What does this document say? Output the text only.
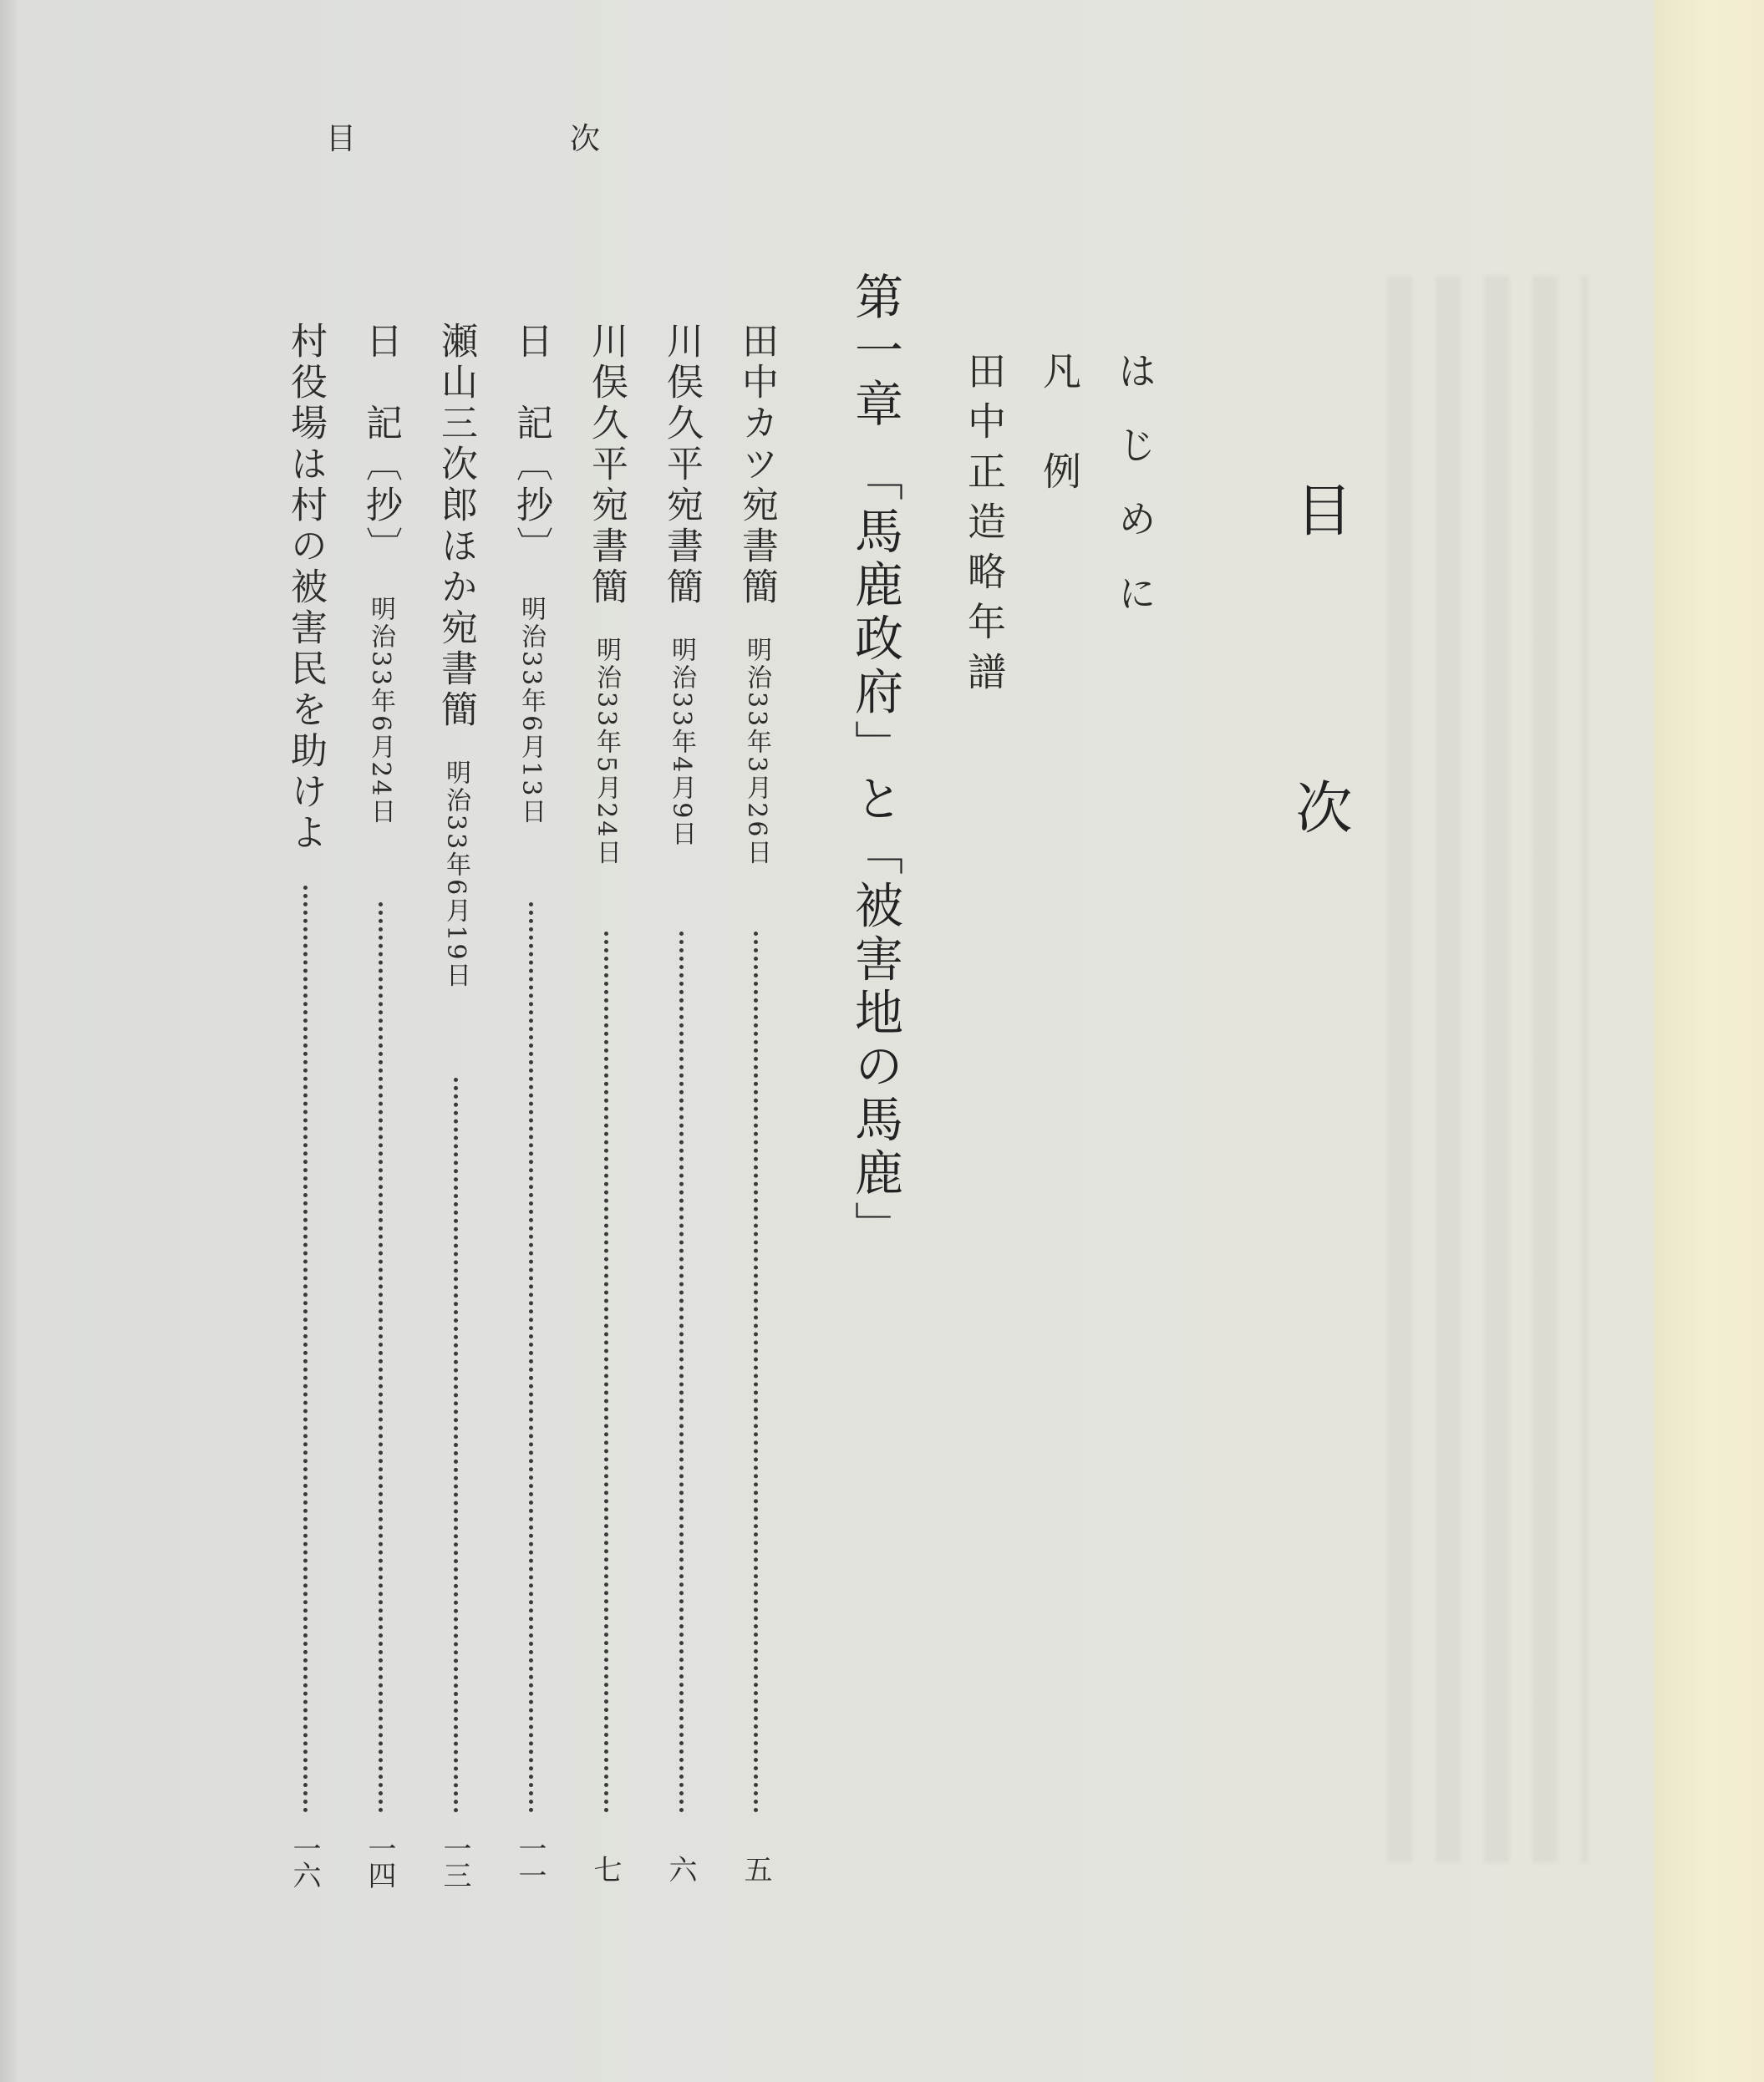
目　次
目　次
は じ め に
凡　例
田中正造略年譜
第一章 「馬鹿政府」と「被害地の馬鹿」
田中カツ宛書簡明治33年3月26日
五
川俣久平宛書簡明治33年4月9日
六
川俣久平宛書簡明治33年5月24日
七
日　記〔抄〕明治33年6月13日
一一
瀬山三次郎ほか宛書簡明治33年6月19日
一三
日　記〔抄〕明治33年6月24日
一四
村役場は村の被害民を助けよ
一六
